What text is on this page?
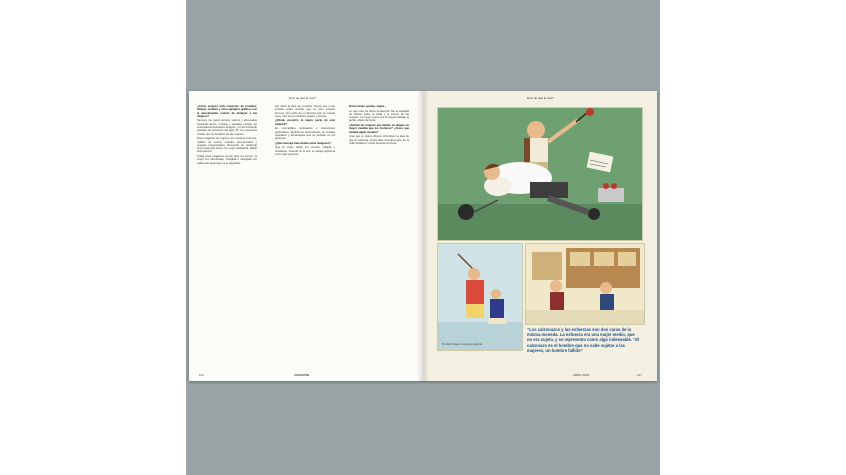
El té de qué le ríes?

¿Cómo empezó esta colección de postales, viñetas, carteles y otros ejemplos gráficos con el denominador común de denigrar a las mujeres?

Siempre me gustó recorrer rastros y almonedas buscando libros, revistas y postales porque me interesaba la ilustración antigua, y fui encontrando postales de principios del siglo XX con pequeños chistes que se burlaban de las mujeres.

Eran imágenes de mujeres con cuerpos enormes, rodillos de cocina, maridos atemorizados y suegras insoportables. Recuerdo en particular una postal que decía "La mujer habladora, diablo tiene dentro".

Todas esas imágenes tenían algo en común: la mujer era ridiculizada, rebajada o castigada por salirse del papel que se le asignaba.

Ahí nació la idea de reunirlas. Pensé que si las juntaba podía mostrar que no eran simples bromas, sino parte de un discurso que se repetía una y otra vez en distintos países y épocas.

¿Dónde encontró la mayor parte de este material?

En mercadillos, anticuarios y colecciones particulares. También en hemerotecas, en revistas populares y almanaques que se vendían en los quioscos.

¿Qué mensaje transmitían estas imágenes?

Que la mujer debía ser sumisa, callada y obediente. Cuando no lo era, el castigo aparecía como algo gracioso.

Ocurrencias, gordas, viejas...

Lo que más me llamó la atención fue la cantidad de chistes sobre la edad y el cuerpo de las mujeres. La mujer mayor era la suegra odiada; la gorda, objeto de burla.

¿Sufrían las mujeres que debían su dragón en mayor medida que los hombres? ¿Crees que imitaba algún modelo?

Creo que sí. Estos dibujos reforzaban la idea de que la violencia contra ellas formaba parte de la vida cotidiana y podía tomarse a broma.

114	CORAZÓN
El té de qué le ríes?
Si usted rechaza a su esposa, golpéela
“Los calzonazos y las esfuerzas son dos caras de la misma moneda. La esfuerza era una mujer medio, que no era sujeta, y se representa como algo indeseable. “El calzonazo es el hombre que no sabe sujetar a las mujeres, un hombre fallido”
ABRIL 2023	117
